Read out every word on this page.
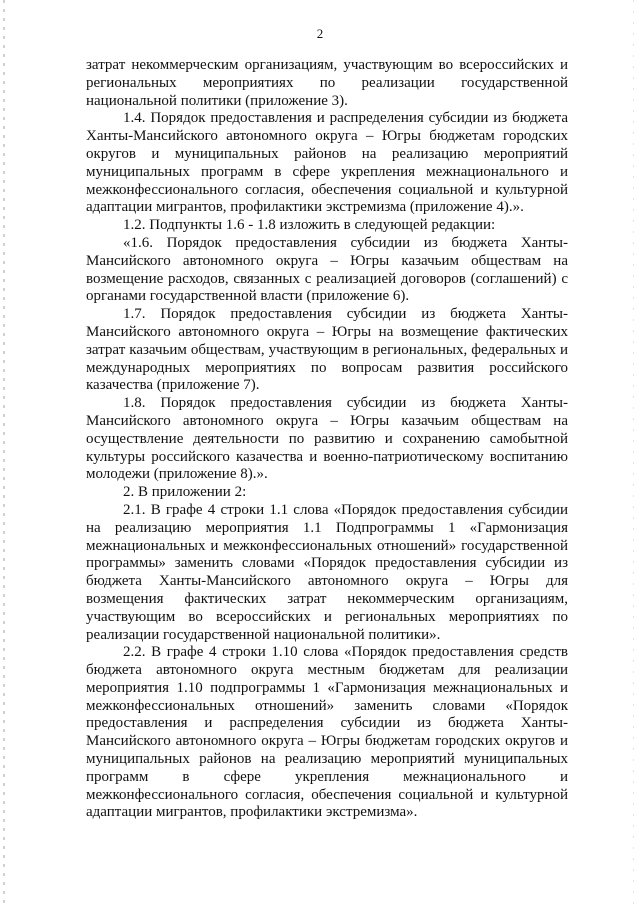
2

затрат некоммерческим организациям, участвующим во всероссийских и региональных мероприятиях по реализации государственной национальной политики (приложение 3).

1.4. Порядок предоставления и распределения субсидии из бюджета Ханты-Мансийского автономного округа – Югры бюджетам городских округов и муниципальных районов на реализацию мероприятий муниципальных программ в сфере укрепления межнационального и межконфессионального согласия, обеспечения социальной и культурной адаптации мигрантов, профилактики экстремизма (приложение 4).».

1.2. Подпункты 1.6 - 1.8 изложить в следующей редакции:

«1.6. Порядок предоставления субсидии из бюджета Ханты-Мансийского автономного округа – Югры казачьим обществам на возмещение расходов, связанных с реализацией договоров (соглашений) с органами государственной власти (приложение 6).

1.7. Порядок предоставления субсидии из бюджета Ханты-Мансийского автономного округа – Югры на возмещение фактических затрат казачьим обществам, участвующим в региональных, федеральных и международных мероприятиях по вопросам развития российского казачества (приложение 7).

1.8. Порядок предоставления субсидии из бюджета Ханты-Мансийского автономного округа – Югры казачьим обществам на осуществление деятельности по развитию и сохранению самобытной культуры российского казачества и военно-патриотическому воспитанию молодежи (приложение 8).».

2. В приложении 2:

2.1. В графе 4 строки 1.1 слова «Порядок предоставления субсидии на реализацию мероприятия 1.1 Подпрограммы 1 «Гармонизация межнациональных и межконфессиональных отношений» государственной программы» заменить словами «Порядок предоставления субсидии из бюджета Ханты-Мансийского автономного округа – Югры для возмещения фактических затрат некоммерческим организациям, участвующим во всероссийских и региональных мероприятиях по реализации государственной национальной политики».

2.2. В графе 4 строки 1.10 слова «Порядок предоставления средств бюджета автономного округа местным бюджетам для реализации мероприятия 1.10 подпрограммы 1 «Гармонизация межнациональных и межконфессиональных отношений» заменить словами «Порядок предоставления и распределения субсидии из бюджета Ханты-Мансийского автономного округа – Югры бюджетам городских округов и муниципальных районов на реализацию мероприятий муниципальных программ в сфере укрепления межнационального и межконфессионального согласия, обеспечения социальной и культурной адаптации мигрантов, профилактики экстремизма».
